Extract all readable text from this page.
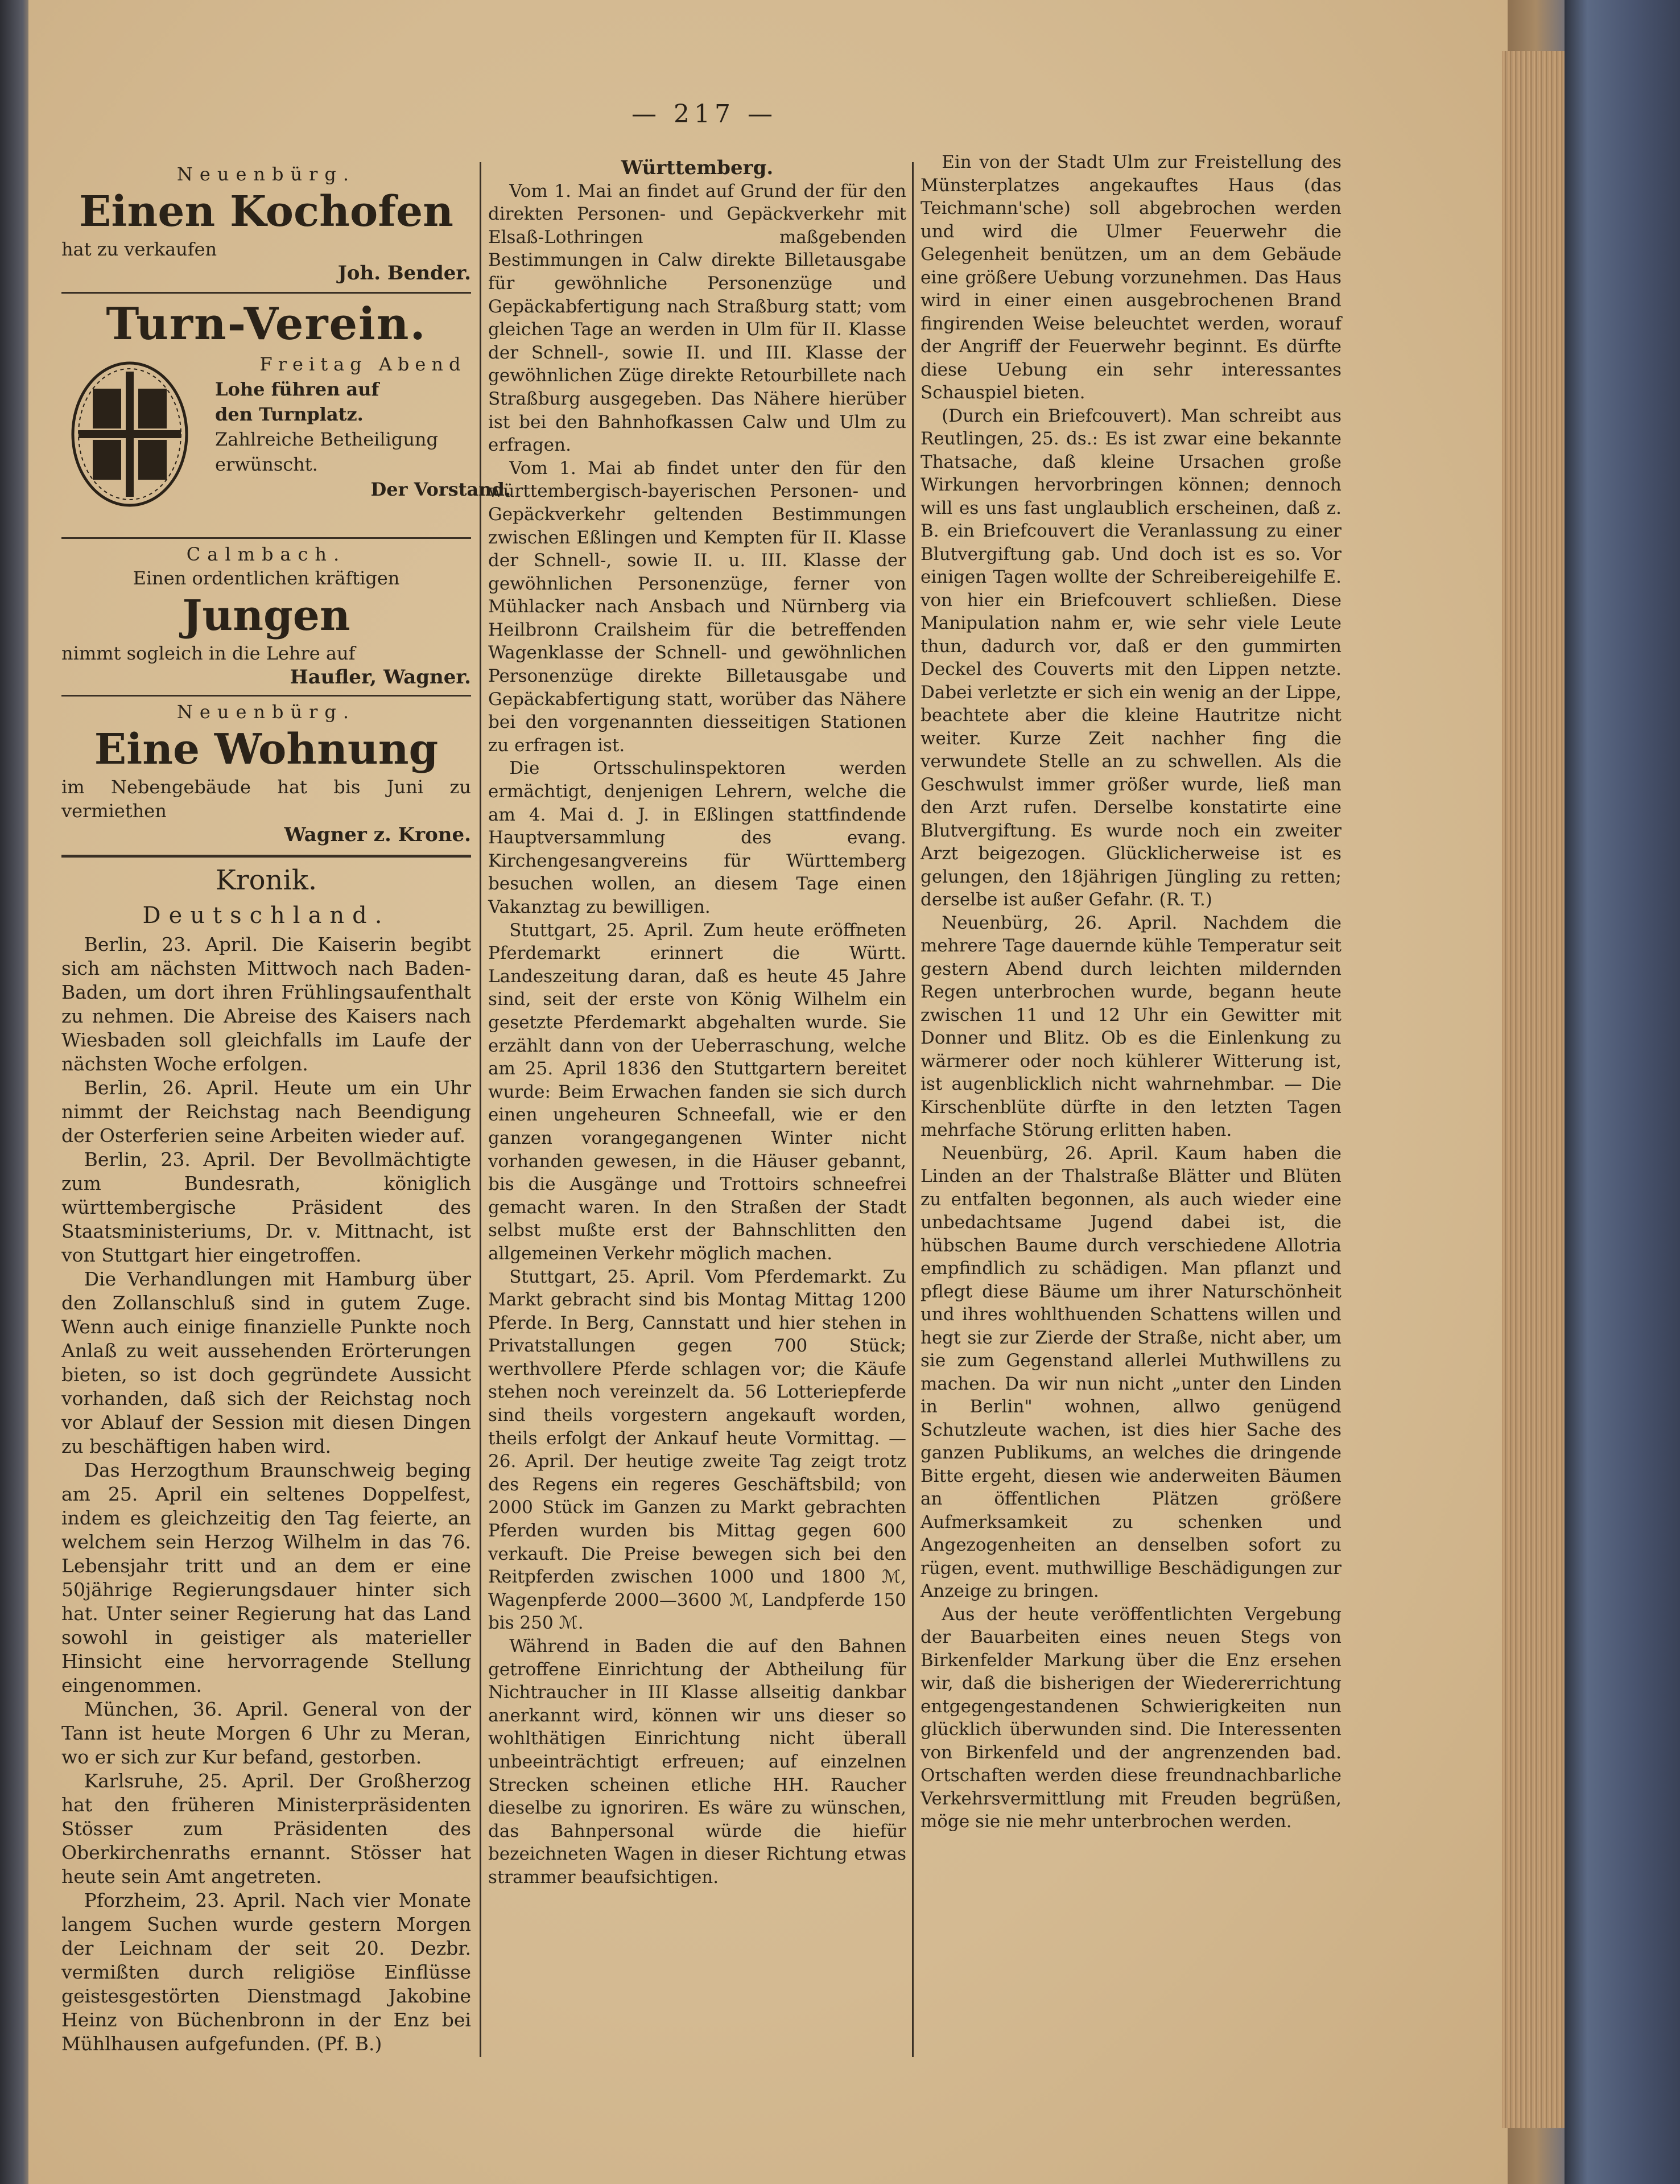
— 217 —
Neuenbürg.
Einen Kochofen
hat zu verkaufen
Joh. Bender.
Turn-Verein.
Freitag Abend
Lohe führen auf
den Turnplatz.
Zahlreiche Betheiligung
erwünscht.
Der Vorstand.
Calmbach.
Einen ordentlichen kräftigen
Jungen
nimmt sogleich in die Lehre auf
Haufler, Wagner.
Neuenbürg.
Eine Wohnung
im Nebengebäude hat bis Juni zu vermiethen
Wagner z. Krone.
Kronik.
Deutschland.

Berlin, 23. April. Die Kaiserin begibt sich am nächsten Mittwoch nach Baden-Baden, um dort ihren Frühlingsaufenthalt zu nehmen. Die Abreise des Kaisers nach Wiesbaden soll gleichfalls im Laufe der nächsten Woche erfolgen.

Berlin, 26. April. Heute um ein Uhr nimmt der Reichstag nach Beendigung der Osterferien seine Arbeiten wieder auf.

Berlin, 23. April. Der Bevollmächtigte zum Bundesrath, königlich württembergische Präsident des Staatsministeriums, Dr. v. Mittnacht, ist von Stuttgart hier eingetroffen.

Die Verhandlungen mit Hamburg über den Zollanschluß sind in gutem Zuge. Wenn auch einige finanzielle Punkte noch Anlaß zu weit aussehenden Erörterungen bieten, so ist doch gegründete Aussicht vorhanden, daß sich der Reichstag noch vor Ablauf der Session mit diesen Dingen zu beschäftigen haben wird.

Das Herzogthum Braunschweig beging am 25. April ein seltenes Doppelfest, indem es gleichzeitig den Tag feierte, an welchem sein Herzog Wilhelm in das 76. Lebensjahr tritt und an dem er eine 50jährige Regierungsdauer hinter sich hat. Unter seiner Regierung hat das Land sowohl in geistiger als materieller Hinsicht eine hervorragende Stellung eingenommen.

München, 36. April. General von der Tann ist heute Morgen 6 Uhr zu Meran, wo er sich zur Kur befand, gestorben.

Karlsruhe, 25. April. Der Großherzog hat den früheren Ministerpräsidenten Stösser zum Präsidenten des Oberkirchenraths ernannt. Stösser hat heute sein Amt angetreten.

Pforzheim, 23. April. Nach vier Monate langem Suchen wurde gestern Morgen der Leichnam der seit 20. Dezbr. vermißten durch religiöse Einflüsse geistesgestörten Dienstmagd Jakobine Heinz von Büchenbronn in der Enz bei Mühlhausen aufgefunden. (Pf. B.)

Württemberg.

Vom 1. Mai an findet auf Grund der für den direkten Personen- und Gepäckverkehr mit Elsaß-Lothringen maßgebenden Bestimmungen in Calw direkte Billetausgabe für gewöhnliche Personenzüge und Gepäckabfertigung nach Straßburg statt; vom gleichen Tage an werden in Ulm für II. Klasse der Schnell-, sowie II. und III. Klasse der gewöhnlichen Züge direkte Retourbillete nach Straßburg ausgegeben. Das Nähere hierüber ist bei den Bahnhofkassen Calw und Ulm zu erfragen.

Vom 1. Mai ab findet unter den für den württembergisch-bayerischen Personen- und Gepäckverkehr geltenden Bestimmungen zwischen Eßlingen und Kempten für II. Klasse der Schnell-, sowie II. u. III. Klasse der gewöhnlichen Personenzüge, ferner von Mühlacker nach Ansbach und Nürnberg via Heilbronn Crailsheim für die betreffenden Wagenklasse der Schnell- und gewöhnlichen Personenzüge direkte Billetausgabe und Gepäckabfertigung statt, worüber das Nähere bei den vorgenannten diesseitigen Stationen zu erfragen ist.

Die Ortsschulinspektoren werden ermächtigt, denjenigen Lehrern, welche die am 4. Mai d. J. in Eßlingen stattfindende Hauptversammlung des evang. Kirchengesangvereins für Württemberg besuchen wollen, an diesem Tage einen Vakanztag zu bewilligen.

Stuttgart, 25. April. Zum heute eröffneten Pferdemarkt erinnert die Württ. Landeszeitung daran, daß es heute 45 Jahre sind, seit der erste von König Wilhelm ein gesetzte Pferdemarkt abgehalten wurde. Sie erzählt dann von der Ueberraschung, welche am 25. April 1836 den Stuttgartern bereitet wurde: Beim Erwachen fanden sie sich durch einen ungeheuren Schneefall, wie er den ganzen vorangegangenen Winter nicht vorhanden gewesen, in die Häuser gebannt, bis die Ausgänge und Trottoirs schneefrei gemacht waren. In den Straßen der Stadt selbst mußte erst der Bahnschlitten den allgemeinen Verkehr möglich machen.

Stuttgart, 25. April. Vom Pferdemarkt. Zu Markt gebracht sind bis Montag Mittag 1200 Pferde. In Berg, Cannstatt und hier stehen in Privatstallungen gegen 700 Stück; werthvollere Pferde schlagen vor; die Käufe stehen noch vereinzelt da. 56 Lotteriepferde sind theils vorgestern angekauft worden, theils erfolgt der Ankauf heute Vormittag. — 26. April. Der heutige zweite Tag zeigt trotz des Regens ein regeres Geschäftsbild; von 2000 Stück im Ganzen zu Markt gebrachten Pferden wurden bis Mittag gegen 600 verkauft. Die Preise bewegen sich bei den Reitpferden zwischen 1000 und 1800 ℳ, Wagenpferde 2000—3600 ℳ, Landpferde 150 bis 250 ℳ.

Während in Baden die auf den Bahnen getroffene Einrichtung der Abtheilung für Nichtraucher in III Klasse allseitig dankbar anerkannt wird, können wir uns dieser so wohlthätigen Einrichtung nicht überall unbeeinträchtigt erfreuen; auf einzelnen Strecken scheinen etliche HH. Raucher dieselbe zu ignoriren. Es wäre zu wünschen, das Bahnpersonal würde die hiefür bezeichneten Wagen in dieser Richtung etwas strammer beaufsichtigen.

Ein von der Stadt Ulm zur Freistellung des Münsterplatzes angekauftes Haus (das Teichmann'sche) soll abgebrochen werden und wird die Ulmer Feuerwehr die Gelegenheit benützen, um an dem Gebäude eine größere Uebung vorzunehmen. Das Haus wird in einer einen ausgebrochenen Brand fingirenden Weise beleuchtet werden, worauf der Angriff der Feuerwehr beginnt. Es dürfte diese Uebung ein sehr interessantes Schauspiel bieten.

(Durch ein Briefcouvert). Man schreibt aus Reutlingen, 25. ds.: Es ist zwar eine bekannte Thatsache, daß kleine Ursachen große Wirkungen hervorbringen können; dennoch will es uns fast unglaublich erscheinen, daß z. B. ein Briefcouvert die Veranlassung zu einer Blutvergiftung gab. Und doch ist es so. Vor einigen Tagen wollte der Schreibereigehilfe E. von hier ein Briefcouvert schließen. Diese Manipulation nahm er, wie sehr viele Leute thun, dadurch vor, daß er den gummirten Deckel des Couverts mit den Lippen netzte. Dabei verletzte er sich ein wenig an der Lippe, beachtete aber die kleine Hautritze nicht weiter. Kurze Zeit nachher fing die verwundete Stelle an zu schwellen. Als die Geschwulst immer größer wurde, ließ man den Arzt rufen. Derselbe konstatirte eine Blutvergiftung. Es wurde noch ein zweiter Arzt beigezogen. Glücklicherweise ist es gelungen, den 18jährigen Jüngling zu retten; derselbe ist außer Gefahr. (R. T.)

Neuenbürg, 26. April. Nachdem die mehrere Tage dauernde kühle Temperatur seit gestern Abend durch leichten mildernden Regen unterbrochen wurde, begann heute zwischen 11 und 12 Uhr ein Gewitter mit Donner und Blitz. Ob es die Einlenkung zu wärmerer oder noch kühlerer Witterung ist, ist augenblicklich nicht wahrnehmbar. — Die Kirschenblüte dürfte in den letzten Tagen mehrfache Störung erlitten haben.

Neuenbürg, 26. April. Kaum haben die Linden an der Thalstraße Blätter und Blüten zu entfalten begonnen, als auch wieder eine unbedachtsame Jugend dabei ist, die hübschen Baume durch verschiedene Allotria empfindlich zu schädigen. Man pflanzt und pflegt diese Bäume um ihrer Naturschönheit und ihres wohlthuenden Schattens willen und hegt sie zur Zierde der Straße, nicht aber, um sie zum Gegenstand allerlei Muthwillens zu machen. Da wir nun nicht „unter den Linden in Berlin" wohnen, allwo genügend Schutzleute wachen, ist dies hier Sache des ganzen Publikums, an welches die dringende Bitte ergeht, diesen wie anderweiten Bäumen an öffentlichen Plätzen größere Aufmerksamkeit zu schenken und Angezogenheiten an denselben sofort zu rügen, event. muthwillige Beschädigungen zur Anzeige zu bringen.

Aus der heute veröffentlichten Vergebung der Bauarbeiten eines neuen Stegs von Birkenfelder Markung über die Enz ersehen wir, daß die bisherigen der Wiedererrichtung entgegengestandenen Schwierigkeiten nun glücklich überwunden sind. Die Interessenten von Birkenfeld und der angrenzenden bad. Ortschaften werden diese freundnachbarliche Verkehrsvermittlung mit Freuden begrüßen, möge sie nie mehr unterbrochen werden.
